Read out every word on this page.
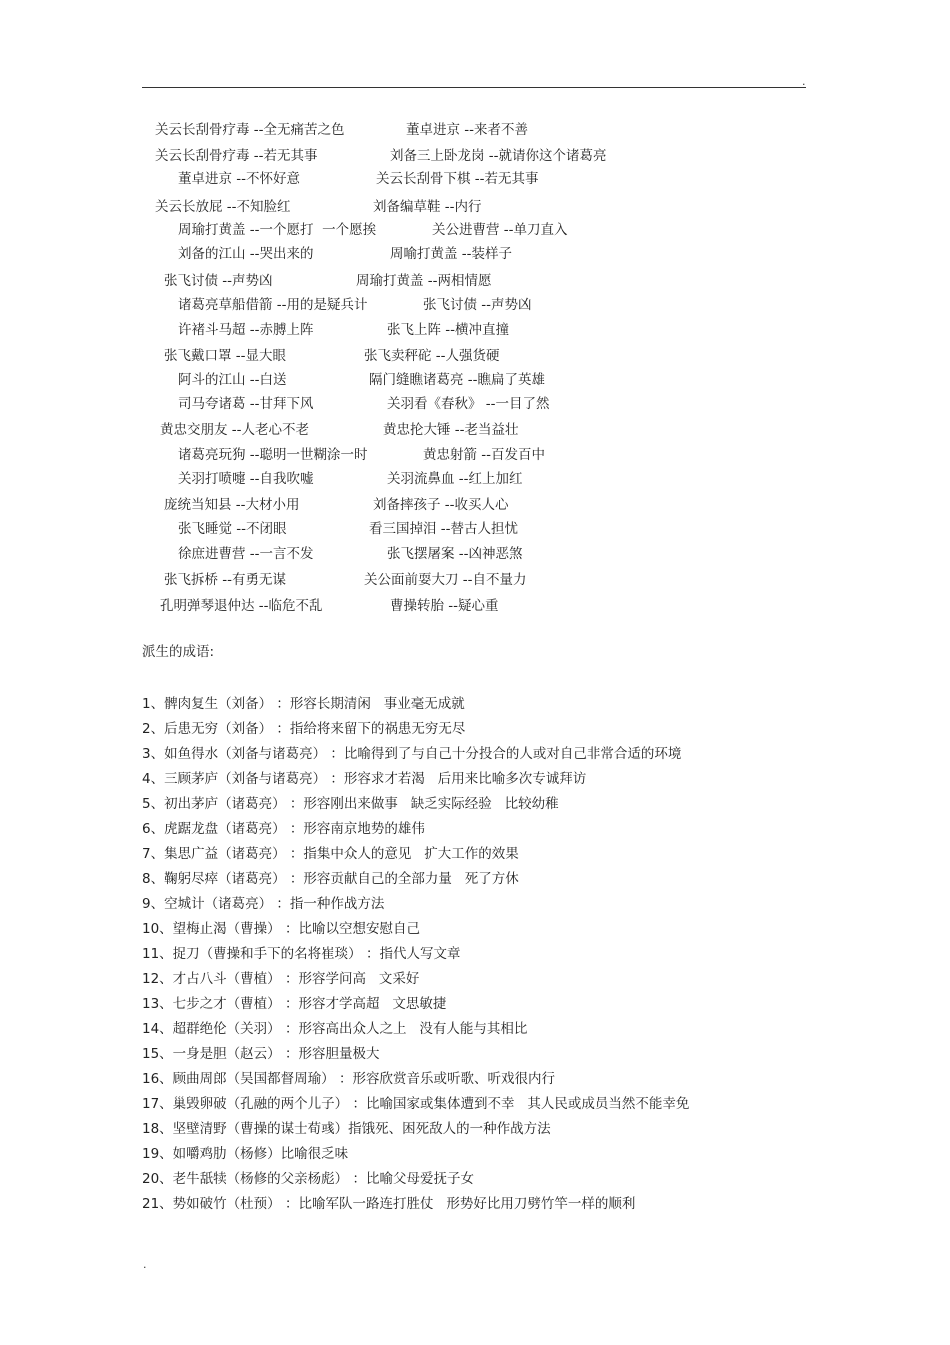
.
关云长刮骨疗毒 --全无痛苦之色	董卓进京 --来者不善
关云长刮骨疗毒 --若无其事	刘备三上卧龙岗 --就请你这个诸葛亮
董卓进京 --不怀好意	关云长刮骨下棋 --若无其事
关云长放屁 --不知脸红	刘备编草鞋 --内行
周瑜打黄盖 --一个愿打  一个愿挨	关公进曹营 --单刀直入
刘备的江山 --哭出来的	周喻打黄盖 --装样子
张飞讨债 --声势凶	周瑜打黄盖 --两相情愿
诸葛亮草船借箭 --用的是疑兵计	张飞讨债 --声势凶
许褚斗马超 --赤膊上阵	张飞上阵 --横冲直撞
张飞戴口罩 --显大眼	张飞卖秤砣 --人强货硬
阿斗的江山 --白送	隔门缝瞧诸葛亮 --瞧扁了英雄
司马夸诸葛 --甘拜下风	关羽看《春秋》 --一目了然
黄忠交朋友 --人老心不老	黄忠抡大锤 --老当益壮
诸葛亮玩狗 --聪明一世糊涂一时	黄忠射箭 --百发百中
关羽打喷嚏 --自我吹嘘	关羽流鼻血 --红上加红
庞统当知县 --大材小用	刘备摔孩子 --收买人心
张飞睡觉 --不闭眼	看三国掉泪 --替古人担忧
徐庶进曹营 --一言不发	张飞摆屠案 --凶神恶煞
张飞拆桥 --有勇无谋	关公面前耍大刀 --自不量力
孔明弹琴退仲达 --临危不乱	曹操转胎 --疑心重
派生的成语:
1、髀肉复生（刘备） ：形容长期清闲   事业毫无成就
2、后患无穷（刘备） ：指给将来留下的祸患无穷无尽
3、如鱼得水（刘备与诸葛亮） ：比喻得到了与自己十分投合的人或对自己非常合适的环境
4、三顾茅庐（刘备与诸葛亮） ：形容求才若渴   后用来比喻多次专诚拜访
5、初出茅庐（诸葛亮） ：形容刚出来做事   缺乏实际经验   比较幼稚
6、虎踞龙盘（诸葛亮） ：形容南京地势的雄伟
7、集思广益（诸葛亮） ：指集中众人的意见   扩大工作的效果
8、鞠躬尽瘁（诸葛亮） ：形容贡献自己的全部力量   死了方休
9、空城计（诸葛亮） ：指一种作战方法
10、望梅止渴（曹操） ：比喻以空想安慰自己
11、捉刀（曹操和手下的名将崔琰） ：指代人写文章
12、才占八斗（曹植） ：形容学问高   文采好
13、七步之才（曹植） ：形容才学高超   文思敏捷
14、超群绝伦（关羽） ：形容高出众人之上   没有人能与其相比
15、一身是胆（赵云） ：形容胆量极大
16、顾曲周郎（吴国都督周瑜） ：形容欣赏音乐或听歌、听戏很内行
17、巢毁卵破（孔融的两个儿子） ：比喻国家或集体遭到不幸   其人民或成员当然不能幸免
18、坚壁清野（曹操的谋士荀彧）指饿死、困死敌人的一种作战方法
19、如嚼鸡肋（杨修）比喻很乏味
20、老牛舐犊（杨修的父亲杨彪） ：比喻父母爱抚子女
21、势如破竹（杜预） ：比喻军队一路连打胜仗   形势好比用刀劈竹竿一样的顺利
.
